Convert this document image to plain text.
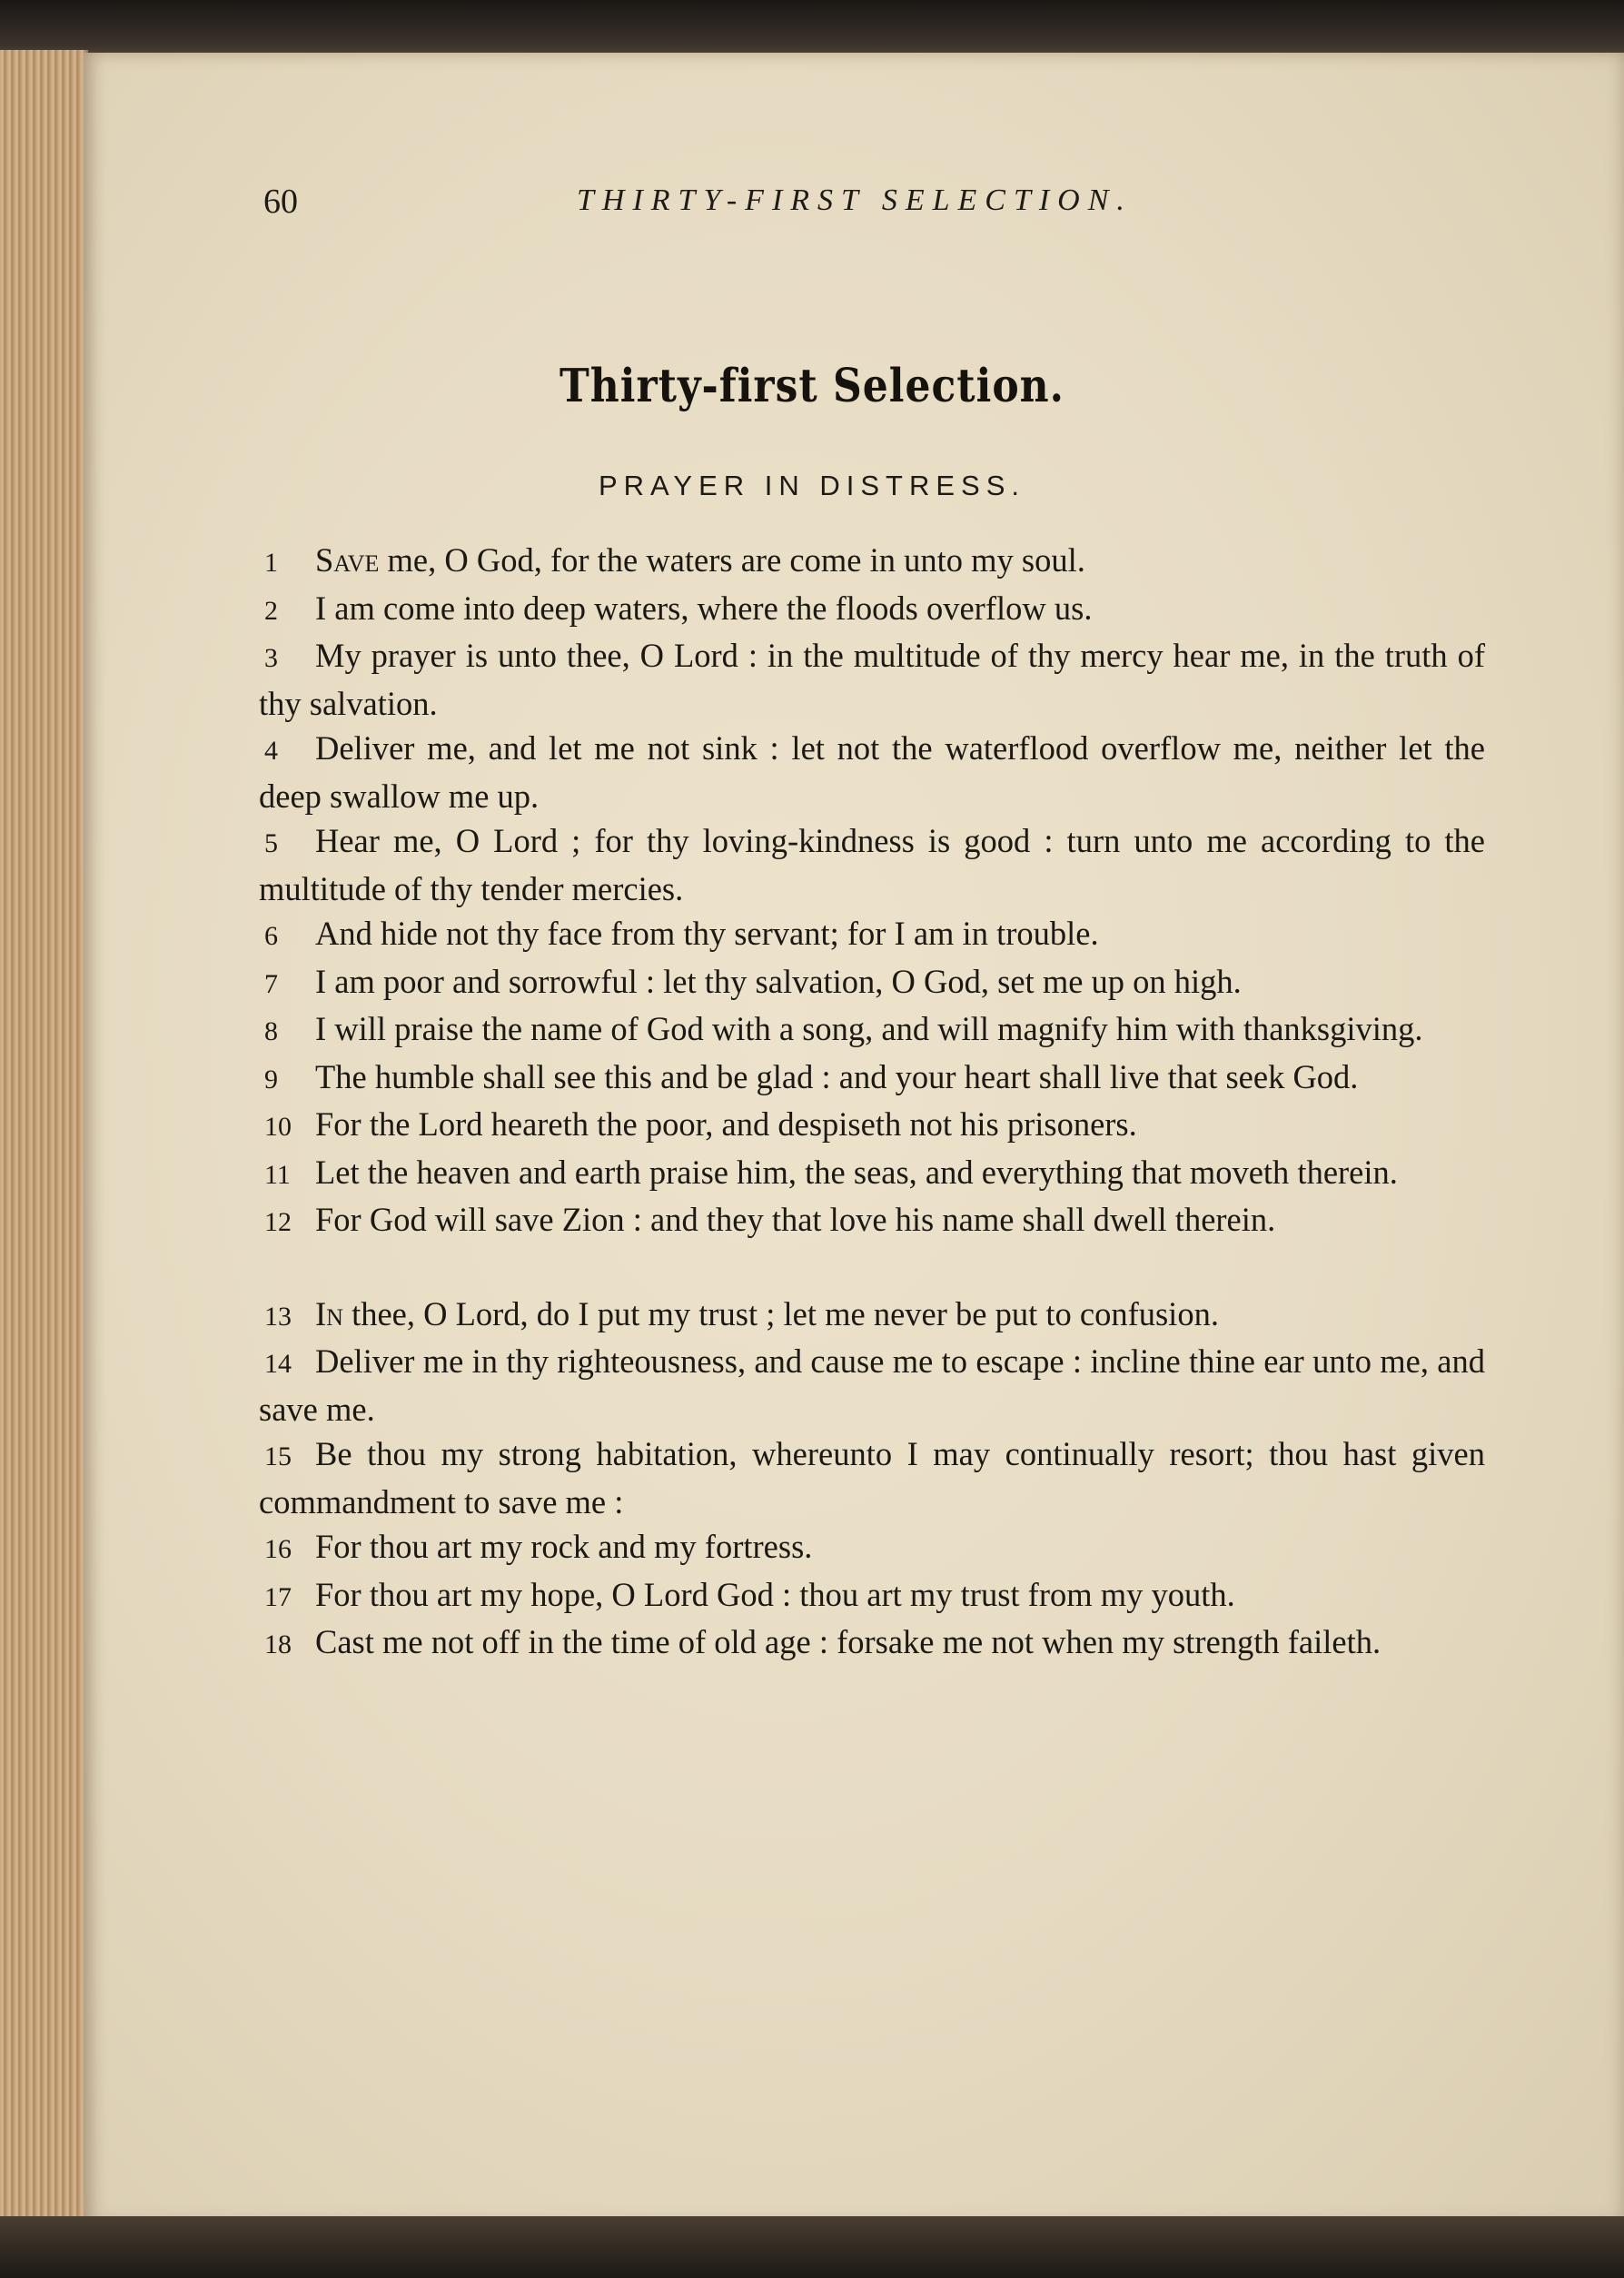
60	THIRTY-FIRST SELECTION.
Thirty-first Selection.
PRAYER IN DISTRESS.

1 Save me, O God, for the waters are come in unto my soul.

2 I am come into deep waters, where the floods overflow us.

3 My prayer is unto thee, O Lord : in the multitude of thy mercy hear me, in the truth of thy salvation.

4 Deliver me, and let me not sink : let not the waterflood overflow me, neither let the deep swallow me up.

5 Hear me, O Lord ; for thy loving-kindness is good : turn unto me according to the multitude of thy tender mercies.

6 And hide not thy face from thy servant; for I am in trouble.

7 I am poor and sorrowful : let thy salvation, O God, set me up on high.

8 I will praise the name of God with a song, and will magnify him with thanksgiving.

9 The humble shall see this and be glad : and your heart shall live that seek God.

10 For the Lord heareth the poor, and despiseth not his prisoners.

11 Let the heaven and earth praise him, the seas, and everything that moveth therein.

12 For God will save Zion : and they that love his name shall dwell therein.

13 In thee, O Lord, do I put my trust ; let me never be put to confusion.

14 Deliver me in thy righteousness, and cause me to escape : incline thine ear unto me, and save me.

15 Be thou my strong habitation, whereunto I may continually resort; thou hast given commandment to save me :

16 For thou art my rock and my fortress.

17 For thou art my hope, O Lord God : thou art my trust from my youth.

18 Cast me not off in the time of old age : forsake me not when my strength faileth.
